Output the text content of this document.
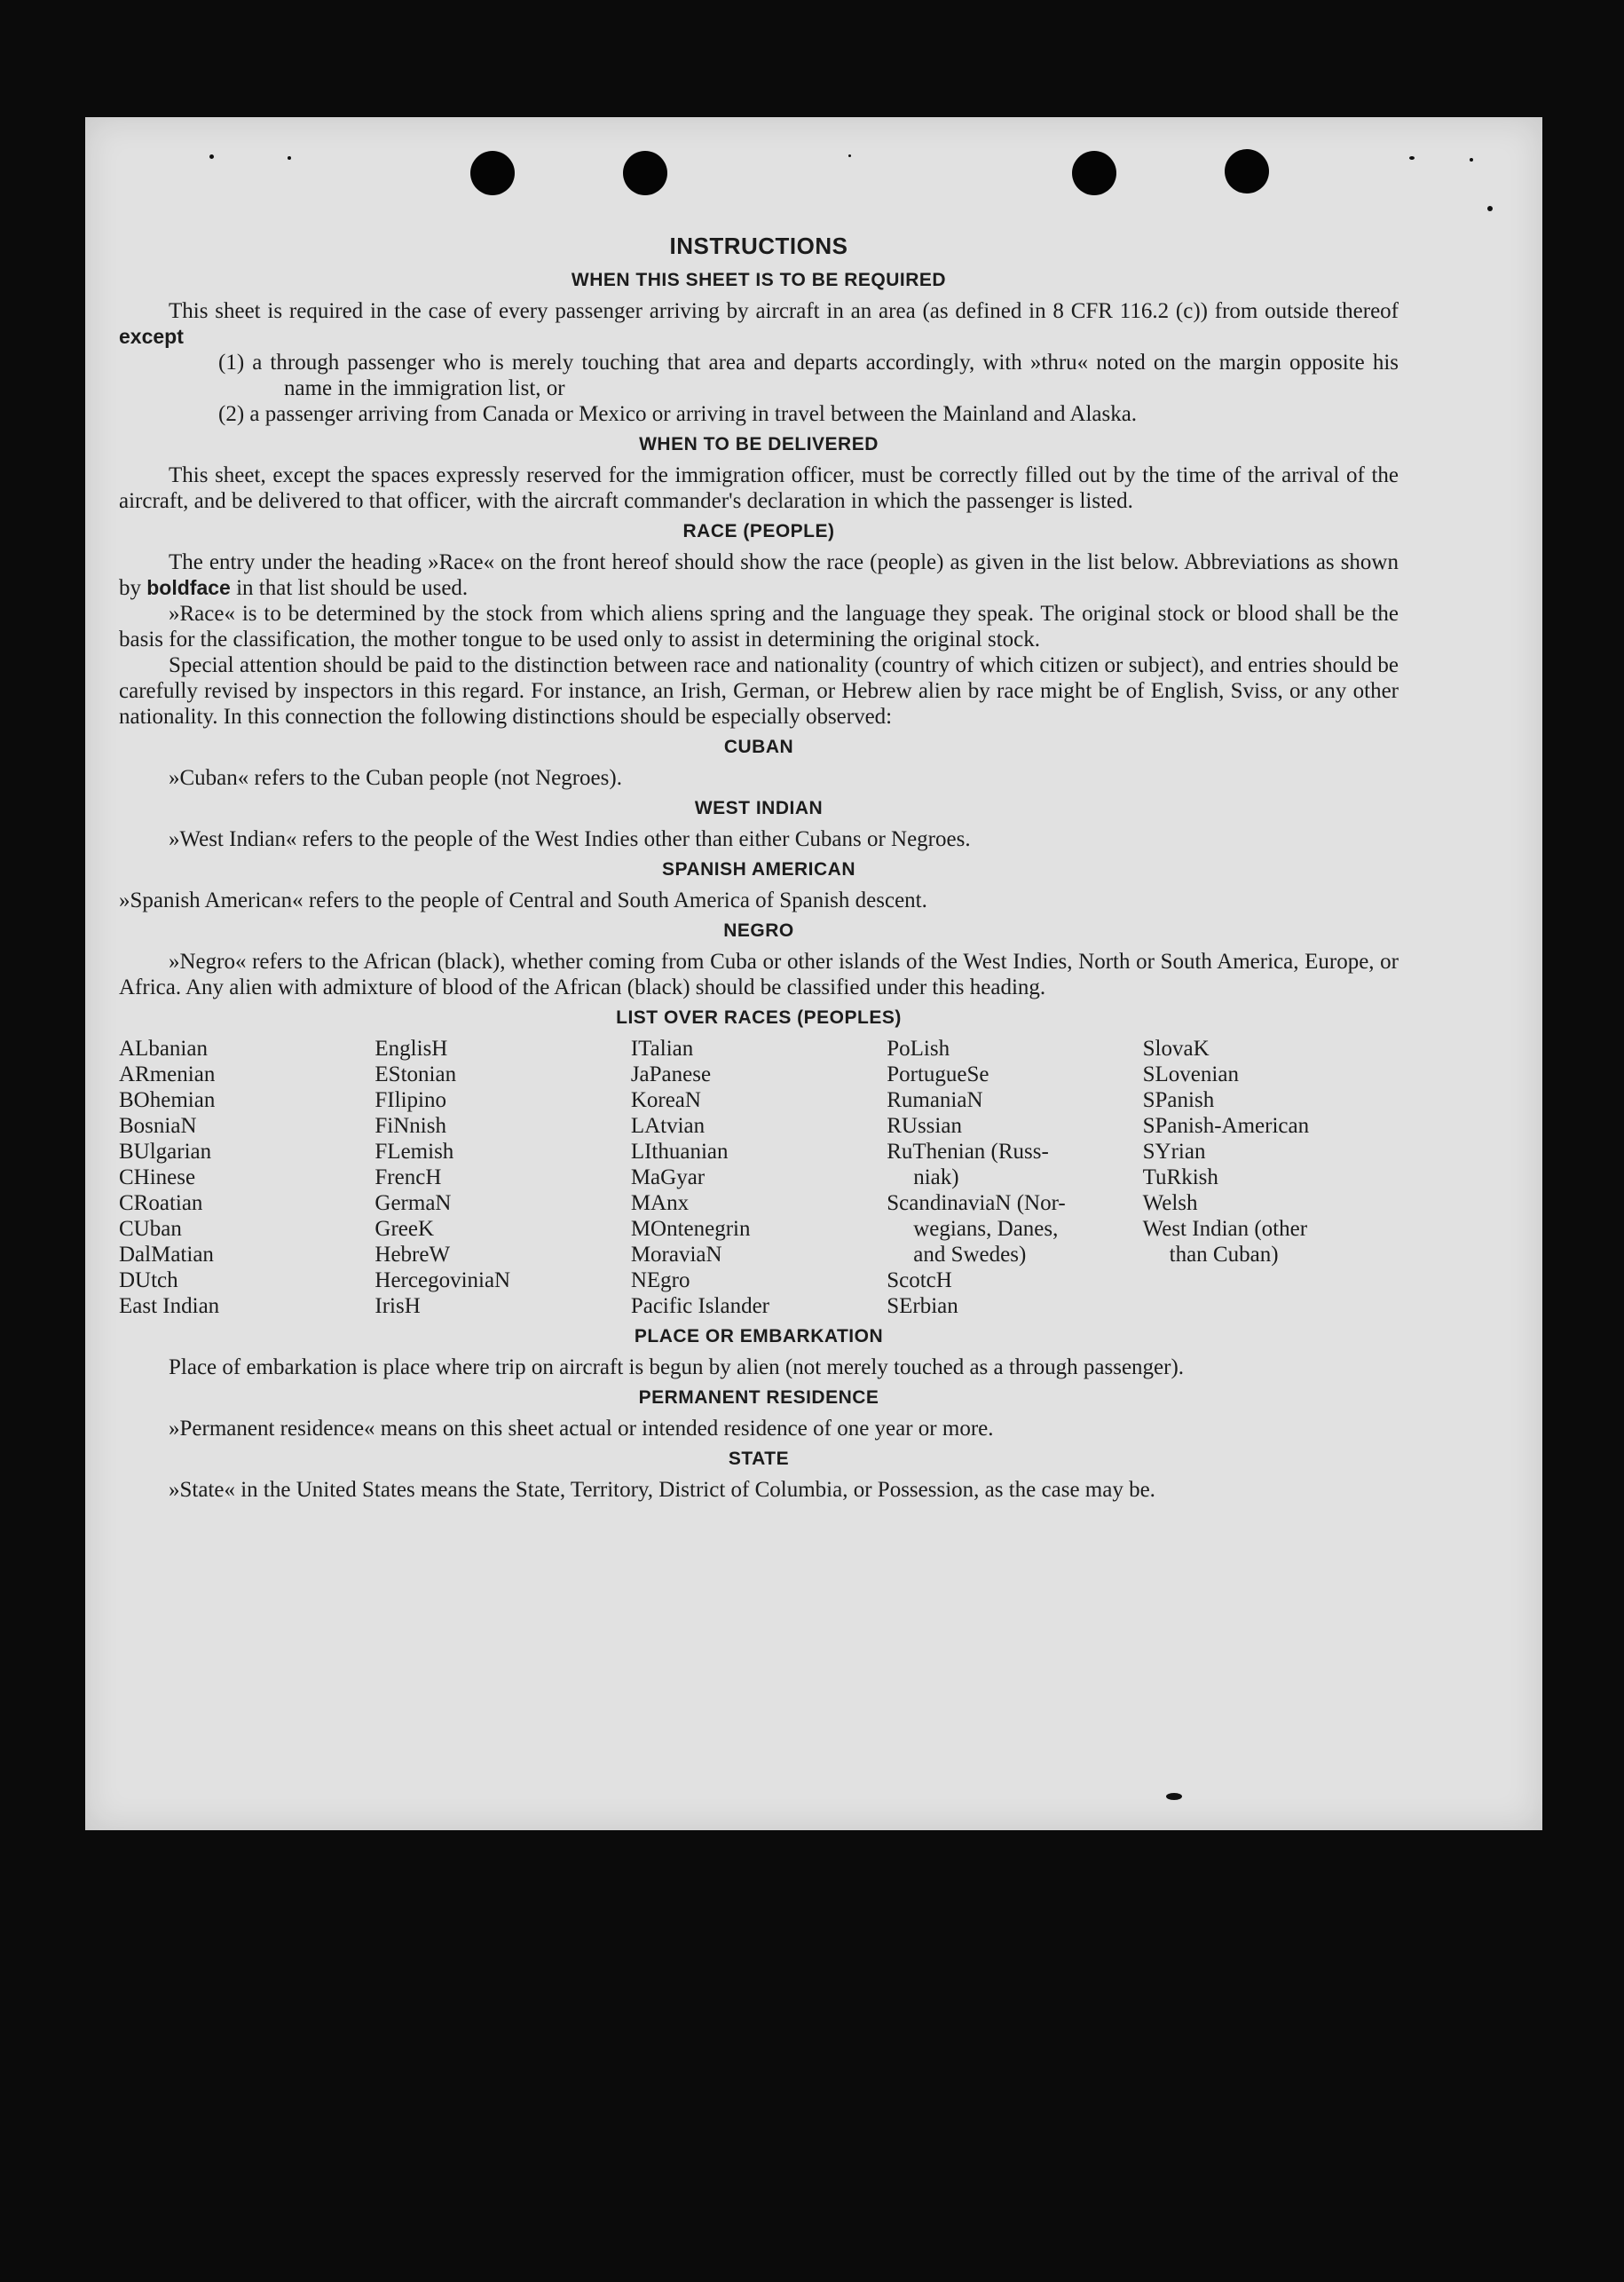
INSTRUCTIONS
WHEN THIS SHEET IS TO BE REQUIRED

This sheet is required in the case of every passenger arriving by aircraft in an area (as defined in 8 CFR 116.2 (c)) from outside thereof except

(1) a through passenger who is merely touching that area and departs accordingly, with »thru« noted on the margin opposite his name in the immigration list, or

(2) a passenger arriving from Canada or Mexico or arriving in travel between the Mainland and Alaska.

WHEN TO BE DELIVERED

This sheet, except the spaces expressly reserved for the immigration officer, must be correctly filled out by the time of the arrival of the aircraft, and be delivered to that officer, with the aircraft commander's declaration in which the passenger is listed.

RACE (PEOPLE)

The entry under the heading »Race« on the front hereof should show the race (people) as given in the list below. Abbreviations as shown by boldface in that list should be used.

»Race« is to be determined by the stock from which aliens spring and the language they speak. The original stock or blood shall be the basis for the classification, the mother tongue to be used only to assist in determining the original stock.

Special attention should be paid to the distinction between race and nationality (country of which citizen or subject), and entries should be carefully revised by inspectors in this regard. For instance, an Irish, German, or Hebrew alien by race might be of English, Sviss, or any other nationality. In this connection the following distinctions should be especially observed:

CUBAN

»Cuban« refers to the Cuban people (not Negroes).

WEST INDIAN

»West Indian« refers to the people of the West Indies other than either Cubans or Negroes.

SPANISH AMERICAN

»Spanish American« refers to the people of Central and South America of Spanish descent.

NEGRO

»Negro« refers to the African (black), whether coming from Cuba or other islands of the West Indies, North or South America, Europe, or Africa. Any alien with admixture of blood of the African (black) should be classified under this heading.

LIST OVER RACES (PEOPLES)
ALbanian
ARmenian
BOhemian
BosniaN
BUlgarian
CHinese
CRoatian
CUban
DalMatian
DUtch
East Indian
EnglisH
EStonian
FIlipino
FiNnish
FLemish
FrencH
GermaN
GreeK
HebreW
HercegoviniaN
IrisH
ITalian
JaPanese
KoreaN
LAtvian
LIthuanian
MaGyar
MAnx
MOntenegrin
MoraviaN
NEgro
Pacific Islander
PoLish
PortugueSe
RumaniaN
RUssian
RuThenian (Russ-
niak)
ScandinaviaN (Nor-
wegians, Danes,
and Swedes)
ScotcH
SErbian
SlovaK
SLovenian
SPanish
SPanish-American
SYrian
TuRkish
Welsh
West Indian (other
than Cuban)
PLACE OR EMBARKATION

Place of embarkation is place where trip on aircraft is begun by alien (not merely touched as a through passenger).

PERMANENT RESIDENCE

»Permanent residence« means on this sheet actual or intended residence of one year or more.

STATE

»State« in the United States means the State, Territory, District of Columbia, or Possession, as the case may be.
